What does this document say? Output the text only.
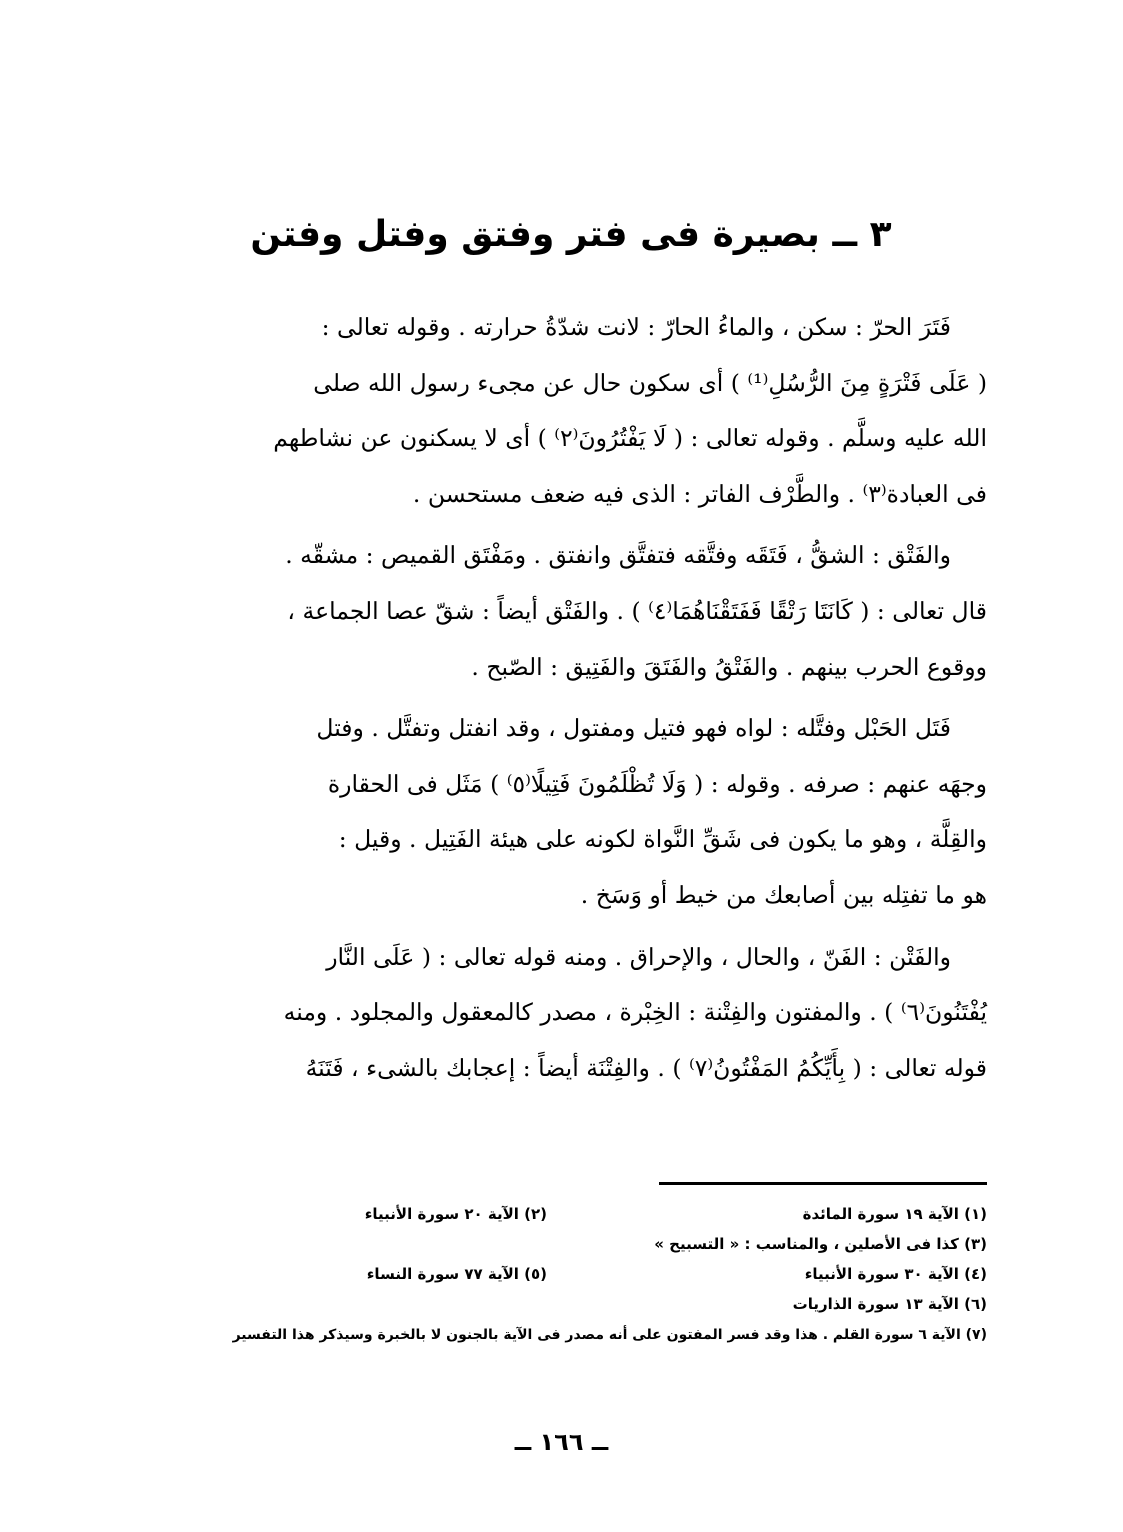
٣ ــ بصيرة فى فتر وفتق وفتل وفتن
فَتَرَ الحرّ : سكن ، والماءُ الحارّ : لانت شدّةُ حرارته . وقوله تعالى :
( عَلَى فَتْرَةٍ مِنَ الرُّسُلِ⁽¹⁾ ) أى سكون حال عن مجىء رسول الله صلى
الله عليه وسلَّم . وقوله تعالى : ( لَا يَفْتُرُونَ⁽٢⁾ ) أى لا يسكنون عن نشاطهم
فى العبادة⁽٣⁾ . والطَّرْف الفاتر : الذى فيه ضعف مستحسن .
والفَتْق : الشقُّ ، فَتَقَه وفتَّقه فتفتَّق وانفتق . ومَفْتَق القميص : مشقّه .
قال تعالى : ( كَانَتَا رَتْقًا فَفَتَقْنَاهُمَا⁽٤⁾ ) . والفَتْق أيضاً : شقّ عصا الجماعة ،
ووقوع الحرب بينهم . والفَتْقُ والفَتَقَ والفَتِيق : الصّبح .
فَتَل الحَبْل وفتَّله : لواه فهو فتيل ومفتول ، وقد انفتل وتفتَّل . وفتل
وجهَه عنهم : صرفه . وقوله : ( وَلَا تُظْلَمُونَ فَتِيلًا⁽٥⁾ ) مَثَل فى الحقارة
والقِلَّة ، وهو ما يكون فى شَقِّ النَّواة لكونه على هيئة الفَتِيل . وقيل :
هو ما تفتِله بين أصابعك من خيط أو وَسَخ .
والفَتْن : الفَنّ ، والحال ، والإحراق . ومنه قوله تعالى : ( عَلَى النَّار
يُفْتَنُونَ⁽٦⁾ ) . والمفتون والفِتْنة : الخِبْرة ، مصدر كالمعقول والمجلود . ومنه
قوله تعالى : ( بِأَيِّكُمُ المَفْتُونُ⁽٧⁾ ) . والفِتْنَة أيضاً : إعجابك بالشىء ، فَتَنَهُ
(١) الآية ١٩ سورة المائدة
(٢) الآية ٢٠ سورة الأنبياء
(٣) كذا فى الأصلين ، والمناسب : « التسبيح »
(٤) الآية ٣٠ سورة الأنبياء
(٥) الآية ٧٧ سورة النساء
(٦) الآية ١٣ سورة الذاريات
(٧) الآية ٦ سورة القلم . هذا وقد فسر المفتون على أنه مصدر فى الآية بالجنون لا بالخبرة وسيذكر هذا التفسير
ــ ١٦٦ ــ
